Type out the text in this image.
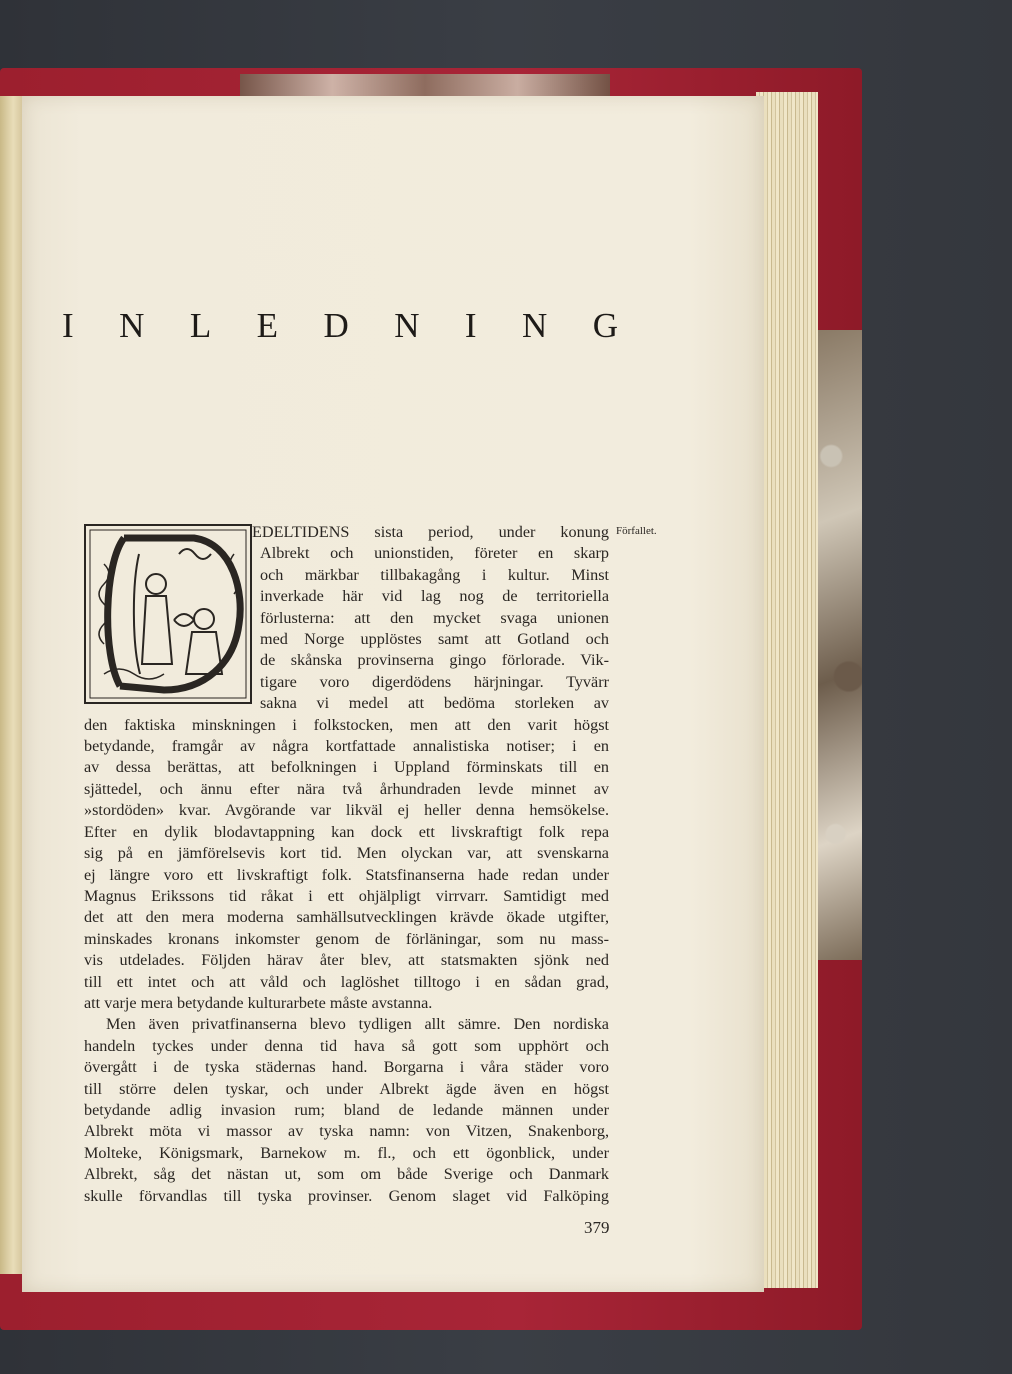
I N L E D N I N G
EDELTIDENS sista period, under konung
Albrekt och unionstiden, företer en skarp
och märkbar tillbakagång i kultur. Minst
inverkade här vid lag nog de territoriella
förlusterna: att den mycket svaga unionen
med Norge upplöstes samt att Gotland och
de skånska provinserna gingo förlorade. Vik-
tigare voro digerdödens härjningar. Tyvärr
sakna vi medel att bedöma storleken av
den faktiska minskningen i folkstocken, men att den varit högst
betydande, framgår av några kortfattade annalistiska notiser; i en
av dessa berättas, att befolkningen i Uppland förminskats till en
sjättedel, och ännu efter nära två århundraden levde minnet av
»stordöden» kvar. Avgörande var likväl ej heller denna hemsökelse.
Efter en dylik blodavtappning kan dock ett livskraftigt folk repa
sig på en jämförelsevis kort tid. Men olyckan var, att svenskarna
ej längre voro ett livskraftigt folk. Statsfinanserna hade redan under
Magnus Erikssons tid råkat i ett ohjälpligt virrvarr. Samtidigt med
det att den mera moderna samhällsutvecklingen krävde ökade utgifter,
minskades kronans inkomster genom de förläningar, som nu mass-
vis utdelades. Följden härav åter blev, att statsmakten sjönk ned
till ett intet och att våld och laglöshet tilltogo i en sådan grad,
att varje mera betydande kulturarbete måste avstanna.
Men även privatfinanserna blevo tydligen allt sämre. Den nordiska
handeln tyckes under denna tid hava så gott som upphört och
övergått i de tyska städernas hand. Borgarna i våra städer voro
till större delen tyskar, och under Albrekt ägde även en högst
betydande adlig invasion rum; bland de ledande männen under
Albrekt möta vi massor av tyska namn: von Vitzen, Snakenborg,
Molteke, Königsmark, Barnekow m. fl., och ett ögonblick, under
Albrekt, såg det nästan ut, som om både Sverige och Danmark
skulle förvandlas till tyska provinser. Genom slaget vid Falköping
Förfallet.
379
